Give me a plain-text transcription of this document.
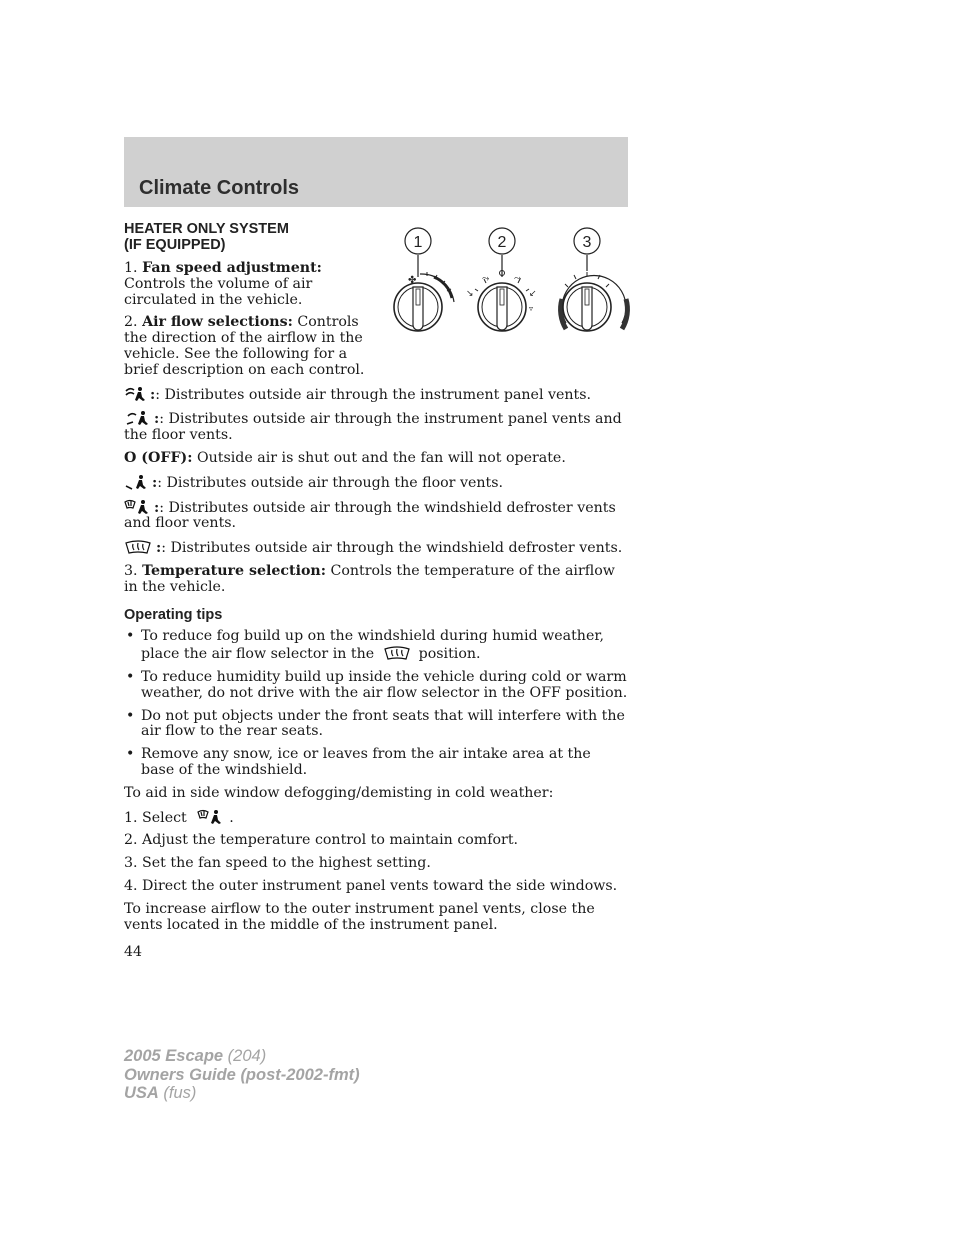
Climate Controls
1	2	3
✤	⤳
↘
⤳
↙
▿
HEATER ONLY SYSTEM
(IF EQUIPPED)

1. Fan speed adjustment: Controls the volume of air circulated in the vehicle.

2. Air flow selections: Controls the direction of the airflow in the vehicle. See the following for a brief description on each control.

:: Distributes outside air through the instrument panel vents.

:: Distributes outside air through the instrument panel vents and the floor vents.

O (OFF): Outside air is shut out and the fan will not operate.

:: Distributes outside air through the floor vents.

:: Distributes outside air through the windshield defroster vents and floor vents.

:: Distributes outside air through the windshield defroster vents.

3. Temperature selection: Controls the temperature of the airflow in the vehicle.

Operating tips
• To reduce fog build up on the windshield during humid weather, place the air flow selector in the	position.
• To reduce humidity build up inside the vehicle during cold or warm weather, do not drive with the air flow selector in the OFF position.
• Do not put objects under the front seats that will interfere with the air flow to the rear seats.
• Remove any snow, ice or leaves from the air intake area at the base of the windshield.

To aid in side window defogging/demisting in cold weather:

1. Select	.

2. Adjust the temperature control to maintain comfort.

3. Set the fan speed to the highest setting.

4. Direct the outer instrument panel vents toward the side windows.

To increase airflow to the outer instrument panel vents, close the vents located in the middle of the instrument panel.

44
2005 Escape (204)
Owners Guide (post-2002-fmt)
USA (fus)
